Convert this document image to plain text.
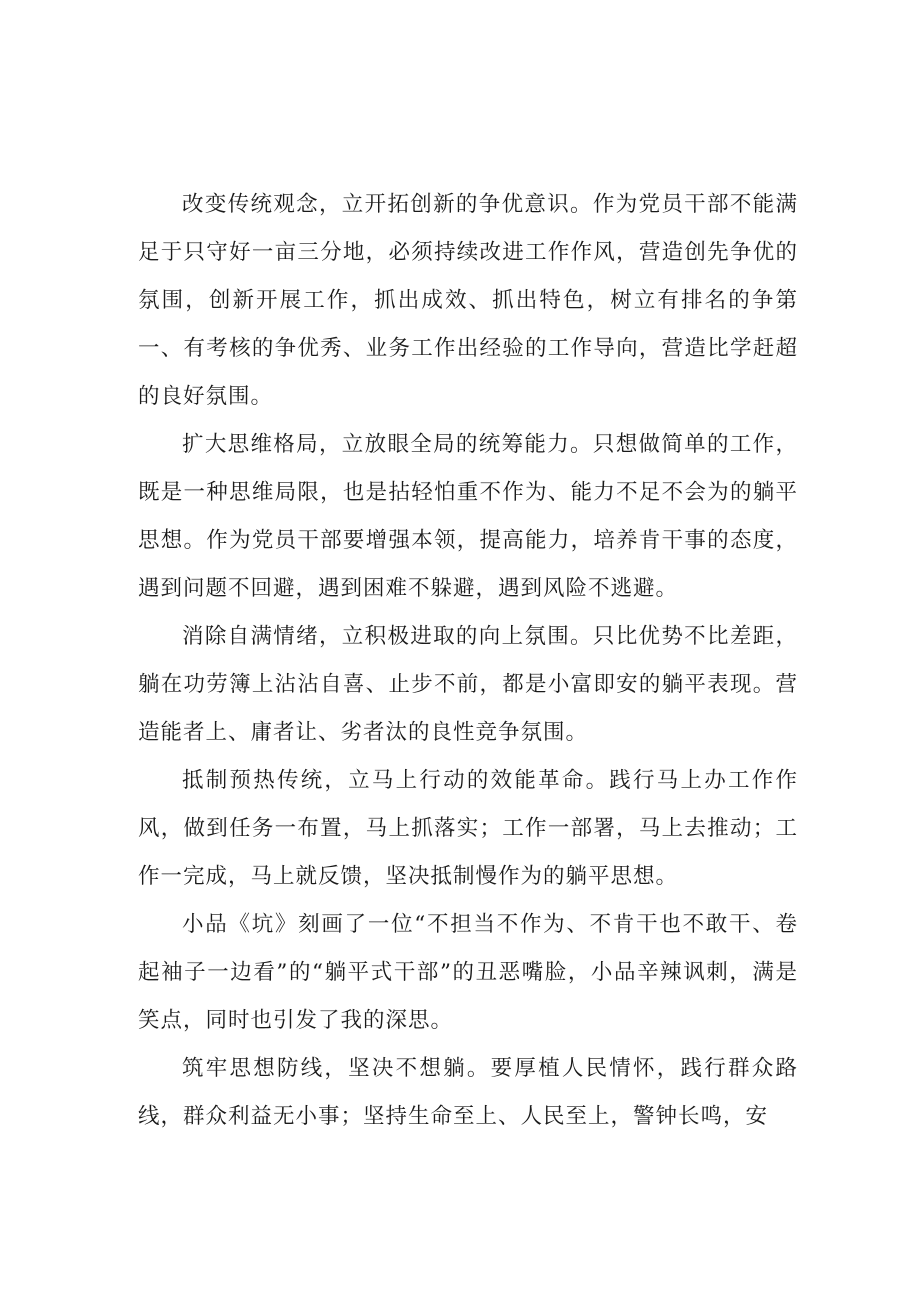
改变传统观念，立开拓创新的争优意识。作为党员干部不能满足于只守好一亩三分地，必须持续改进工作作风，营造创先争优的氛围，创新开展工作，抓出成效、抓出特色，树立有排名的争第一、有考核的争优秀、业务工作出经验的工作导向，营造比学赶超的良好氛围。

扩大思维格局，立放眼全局的统筹能力。只想做简单的工作，既是一种思维局限，也是拈轻怕重不作为、能力不足不会为的躺平思想。作为党员干部要增强本领，提高能力，培养肯干事的态度，遇到问题不回避，遇到困难不躲避，遇到风险不逃避。

消除自满情绪，立积极进取的向上氛围。只比优势不比差距，躺在功劳簿上沾沾自喜、止步不前，都是小富即安的躺平表现。营造能者上、庸者让、劣者汰的良性竞争氛围。

抵制预热传统，立马上行动的效能革命。践行马上办工作作风，做到任务一布置，马上抓落实；工作一部署，马上去推动；工作一完成，马上就反馈，坚决抵制慢作为的躺平思想。

小品《坑》刻画了一位“不担当不作为、不肯干也不敢干、卷起袖子一边看”的“躺平式干部”的丑恶嘴脸，小品辛辣讽刺，满是笑点，同时也引发了我的深思。

筑牢思想防线，坚决不想躺。要厚植人民情怀，践行群众路线，群众利益无小事；坚持生命至上、人民至上，警钟长鸣，安
